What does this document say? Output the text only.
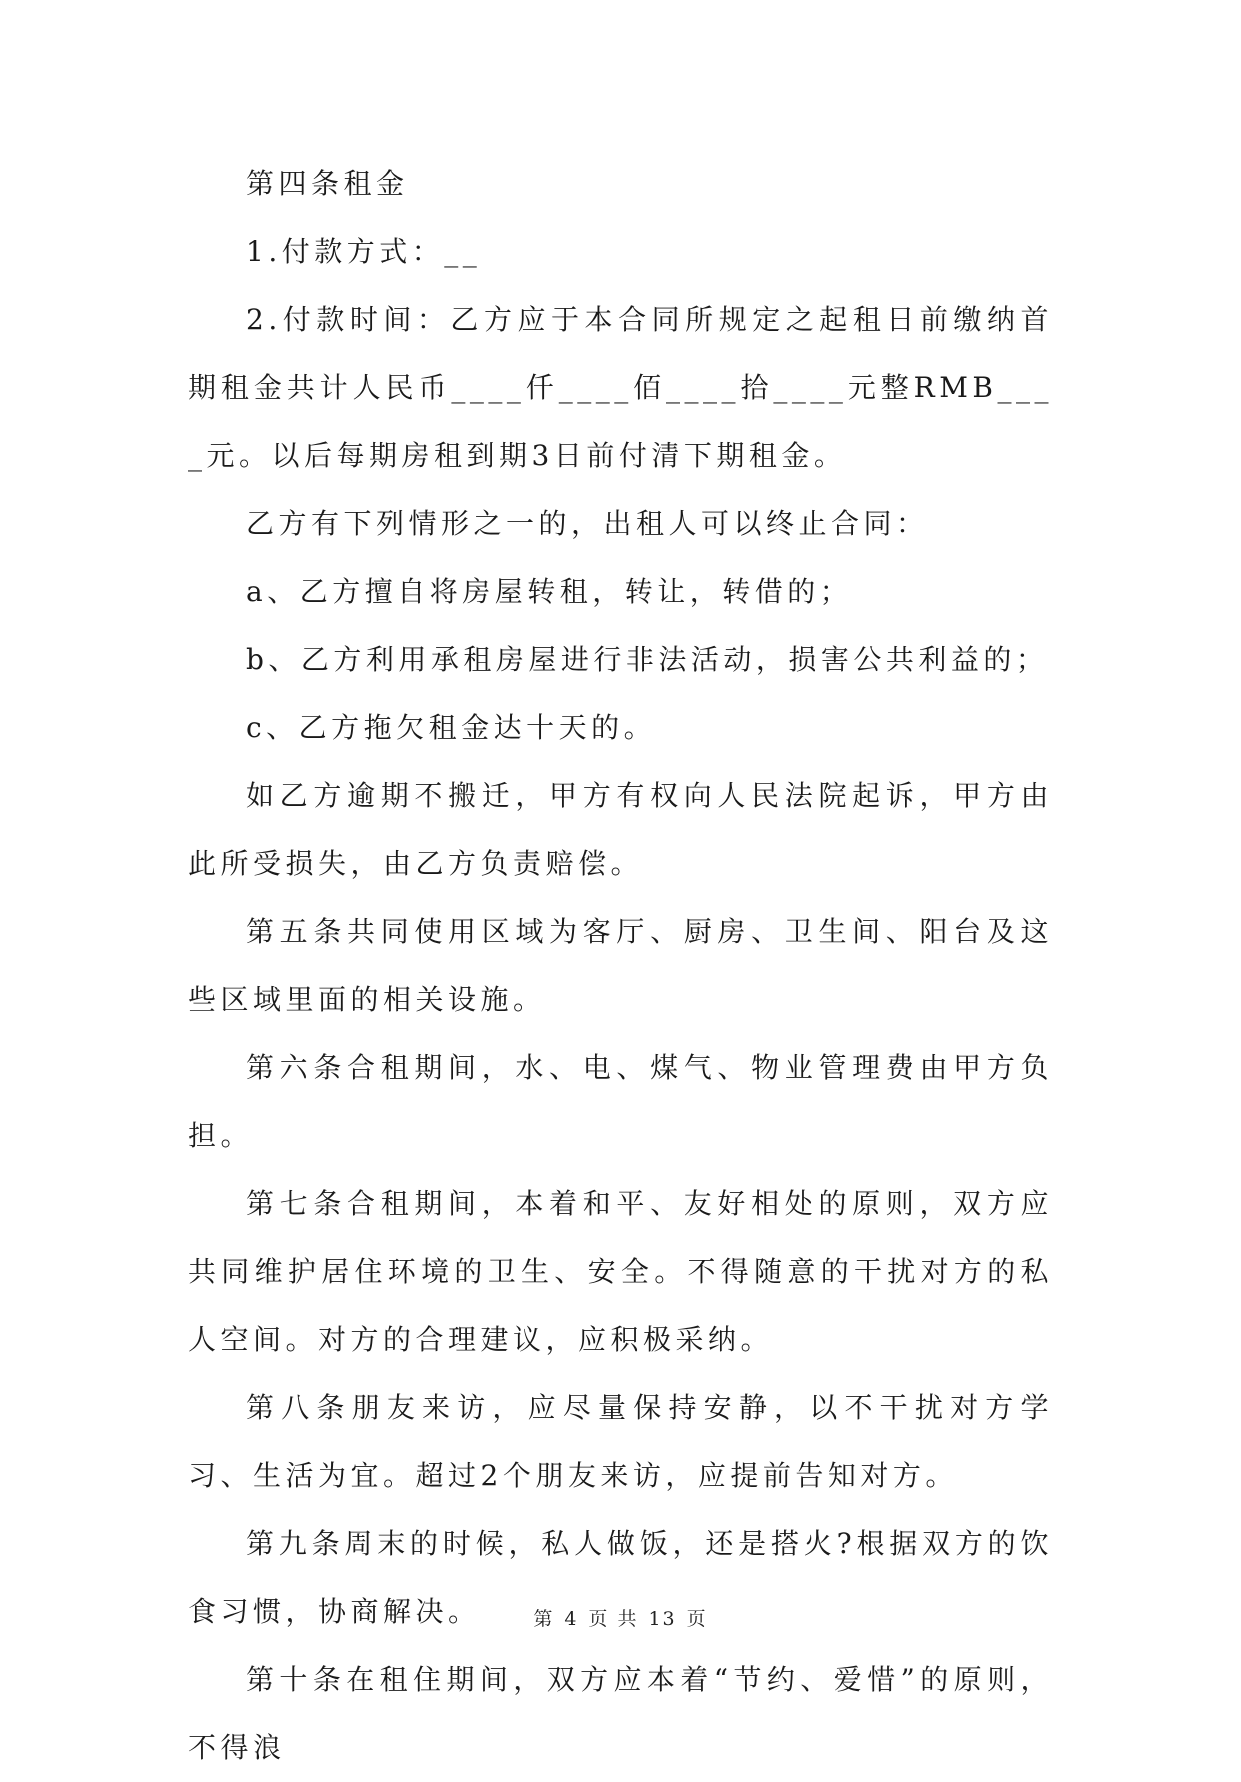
第四条租金

1.付款方式：__

2.付款时间：乙方应于本合同所规定之起租日前缴纳首期租金共计人民币____仟____佰____拾____元整RMB____元。以后每期房租到期3日前付清下期租金。

乙方有下列情形之一的，出租人可以终止合同：

a、乙方擅自将房屋转租，转让，转借的；

b、乙方利用承租房屋进行非法活动，损害公共利益的；

c、乙方拖欠租金达十天的。

如乙方逾期不搬迁，甲方有权向人民法院起诉，甲方由此所受损失，由乙方负责赔偿。

第五条共同使用区域为客厅、厨房、卫生间、阳台及这些区域里面的相关设施。

第六条合租期间，水、电、煤气、物业管理费由甲方负担。

第七条合租期间，本着和平、友好相处的原则，双方应共同维护居住环境的卫生、安全。不得随意的干扰对方的私人空间。对方的合理建议，应积极采纳。

第八条朋友来访，应尽量保持安静，以不干扰对方学习、生活为宜。超过2个朋友来访，应提前告知对方。

第九条周末的时候，私人做饭，还是搭火?根据双方的饮食习惯，协商解决。

第十条在租住期间，双方应本着“节约、爱惜”的原则，不得浪

第 4 页 共 13 页
